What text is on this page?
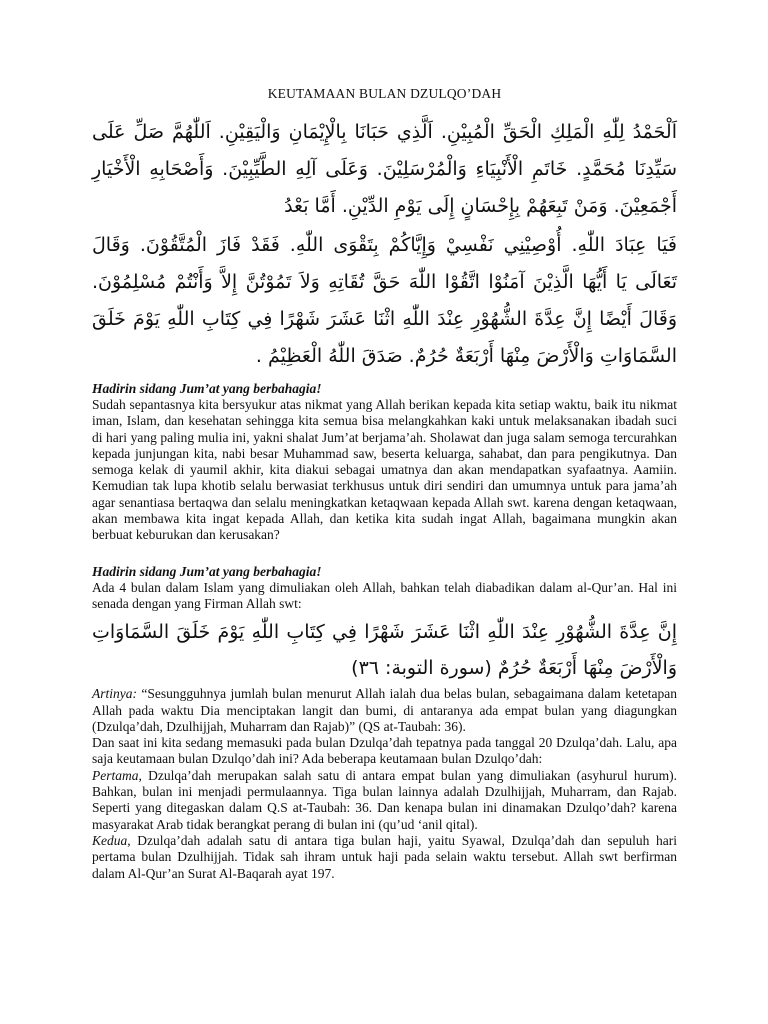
KEUTAMAAN BULAN DZULQO’DAH

اَلْحَمْدُ لِلّٰهِ الْمَلِكِ الْحَقِّ الْمُبِيْنِ. اَلَّذِي حَبَانَا بِالْإِيْمَانِ وَالْيَقِيْنِ. اَللّٰهُمَّ صَلِّ عَلَى سَيِّدِنَا مُحَمَّدٍ. خَاتَمِ الْأَنْبِيَاءِ وَالْمُرْسَلِيْنَ. وَعَلَى آلِهِ الطَّيِّبِيْنَ. وَأَصْحَابِهِ الْأَخْيَارِ أَجْمَعِيْنَ. وَمَنْ تَبِعَهُمْ بِإِحْسَانٍ إِلَى يَوْمِ الدِّيْنِ. أَمَّا بَعْدُ

فَيَا عِبَادَ اللّٰهِ. أُوْصِيْنِي نَفْسِيْ وَإِيَّاكُمْ بِتَقْوَى اللّٰهِ. فَقَدْ فَازَ الْمُتَّقُوْنَ. وَقَالَ تَعَالَى يَا أَيُّهَا الَّذِيْنَ آمَنُوْا اتَّقُوْا اللّٰهَ حَقَّ تُقَاتِهِ وَلاَ تَمُوْتُنَّ إِلاَّ وَأَنْتُمْ مُسْلِمُوْنَ. وَقَالَ أَيْضًا إِنَّ عِدَّةَ الشُّهُوْرِ عِنْدَ اللّٰهِ اثْنَا عَشَرَ شَهْرًا فِي كِتَابِ اللّٰهِ يَوْمَ خَلَقَ السَّمَاوَاتِ وَالْأَرْضَ مِنْهَا أَرْبَعَةٌ حُرُمٌ. صَدَقَ اللّٰهُ الْعَظِيْمُ .

Hadirin sidang Jum’at yang berbahagia!

Sudah sepantasnya kita bersyukur atas nikmat yang Allah berikan kepada kita setiap waktu, baik itu nikmat iman, Islam, dan kesehatan sehingga kita semua bisa melangkahkan kaki untuk melaksanakan ibadah suci di hari yang paling mulia ini, yakni shalat Jum’at berjama’ah. Sholawat dan juga salam semoga tercurahkan kepada junjungan kita, nabi besar Muhammad saw, beserta keluarga, sahabat, dan para pengikutnya. Dan semoga kelak di yaumil akhir, kita diakui sebagai umatnya dan akan mendapatkan syafaatnya. Aamiin. Kemudian tak lupa khotib selalu berwasiat terkhusus untuk diri sendiri dan umumnya untuk para jama’ah agar senantiasa bertaqwa dan selalu meningkatkan ketaqwaan kepada Allah swt. karena dengan ketaqwaan, akan membawa kita ingat kepada Allah, dan ketika kita sudah ingat Allah, bagaimana mungkin akan berbuat keburukan dan kerusakan?

Hadirin sidang Jum’at yang berbahagia!

Ada 4 bulan dalam Islam yang dimuliakan oleh Allah, bahkan telah diabadikan dalam al-Qur’an. Hal ini senada dengan yang Firman Allah swt:

إِنَّ عِدَّةَ الشُّهُوْرِ عِنْدَ اللّٰهِ اثْنَا عَشَرَ شَهْرًا فِي كِتَابِ اللّٰهِ يَوْمَ خَلَقَ السَّمَاوَاتِ وَالْأَرْضَ مِنْهَا أَرْبَعَةٌ حُرُمٌ (سورة التوبة: ٣٦)

Artinya: “Sesungguhnya jumlah bulan menurut Allah ialah dua belas bulan, sebagaimana dalam ketetapan Allah pada waktu Dia menciptakan langit dan bumi, di antaranya ada empat bulan yang diagungkan (Dzulqa’dah, Dzulhijjah, Muharram dan Rajab)” (QS at-Taubah: 36).

Dan saat ini kita sedang memasuki pada bulan Dzulqa’dah tepatnya pada tanggal 20 Dzulqa’dah. Lalu, apa saja keutamaan bulan Dzulqo’dah ini? Ada beberapa keutamaan bulan Dzulqo’dah:

Pertama, Dzulqa’dah merupakan salah satu di antara empat bulan yang dimuliakan (asyhurul hurum). Bahkan, bulan ini menjadi permulaannya. Tiga bulan lainnya adalah Dzulhijjah, Muharram, dan Rajab. Seperti yang ditegaskan dalam Q.S at-Taubah: 36. Dan kenapa bulan ini dinamakan Dzulqo’dah? karena masyarakat Arab tidak berangkat perang di bulan ini (qu’ud ‘anil qital).

Kedua, Dzulqa’dah adalah satu di antara tiga bulan haji, yaitu Syawal, Dzulqa’dah dan sepuluh hari pertama bulan Dzulhijjah. Tidak sah ihram untuk haji pada selain waktu tersebut. Allah swt berfirman dalam Al-Qur’an Surat Al-Baqarah ayat 197.
